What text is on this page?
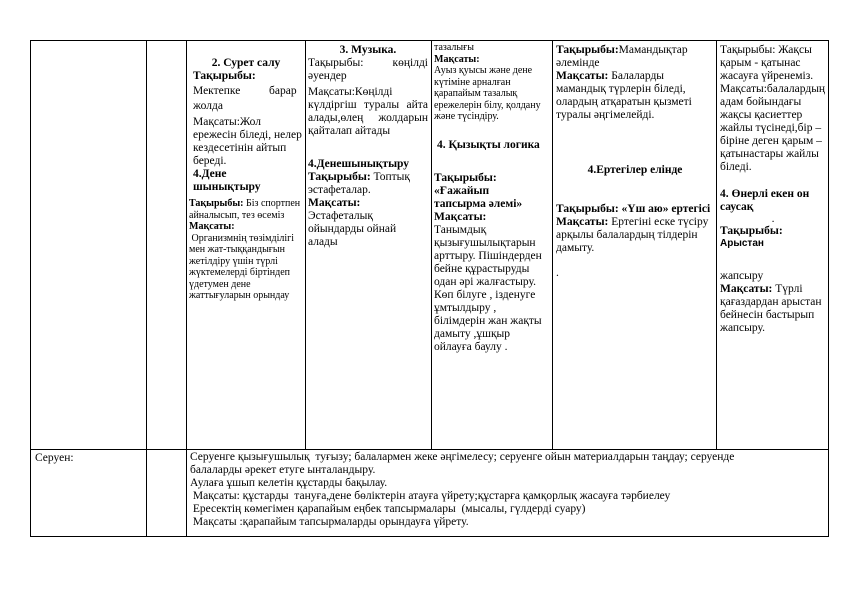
2. Сурет салу

Тақырыбы:

Мектепке          барар

жолда

Мақсаты:Жол ережесін біледі, нелер кездесетінін айтып береді.

4.Дене шынықтыру

Тақырыбы: Біз спортпен айналысып, тез өсеміз

Мақсаты:

Организмнің төзімділігі мен жат-тыққандығын жетілдіру үшін түрлі жүктемелерді біртіндеп үдетумен дене жаттығуларын орындау

3. Музыка.

Тақырыбы:     көңілді әуендер

Мақсаты:Көңілді күлдіргіш туралы айта алады,өлең жолдарын қайталап айтады

4.Денешынықтыру

Тақырыбы: Топтық эстафеталар.

Мақсаты:

Эстафеталық ойындарды ойнай алады

тазалығы

Мақсаты:

Ауыз қуысы және дене күтіміне арналған қарапайым тазалық ережелерін білу, қолдану және түсіндіру.

4. Қызықты логика

Тақырыбы:

«Ғажайып тапсырма әлемі»

Мақсаты:

Танымдық қызығушылықтарын арттыру. Пішіндерден бейне құрастыруды одан әрі жалғастыру. Көп білуге , ізденуге ұмтылдыру , білімдерін жан жақты дамыту ,ұшқыр ойлауға баулу .

Тақырыбы:Мамандықтар әлемінде

Мақсаты: Балаларды мамандық түрлерін біледі, олардың атқаратын қызметі туралы әңгімелейді.

4.Ертегілер елінде

Тақырыбы: «Үш аю» ертегісі

Мақсаты: Ертегіні еске түсіру арқылы балалардың тілдерін дамыту.

.

Тақырыбы: Жақсы қарым - қатынас жасауға үйренеміз.

Мақсаты:балалардың адам бойындағы жақсы қасиеттер жайлы түсінеді,бір – біріне деген қарым – қатынастары жайлы біледі.

4. Өнерлі екен он саусақ

.

Тақырыбы:

Арыстан

жапсыру

Мақсаты: Түрлі қағаздардан арыстан бейнесін бастырып жапсыру.

Серуен:	Серуенге қызығушылық  туғызу; балалармен жеке әңгімелесу; серуенге ойын материалдарын таңдау; серуенде

балаларды әрекет етуге ынталандыру.

Аулаға ұшып келетін құстарды бақылау.

Мақсаты: құстарды  тануға,дене бөліктерін атауға үйрету;құстарға қамқорлық жасауға тәрбиелеу

Ересектің көмегімен қарапайым еңбек тапсырмалары  (мысалы, гүлдерді суару)

Мақсаты :қарапайым тапсырмаларды орындауға үйрету.
